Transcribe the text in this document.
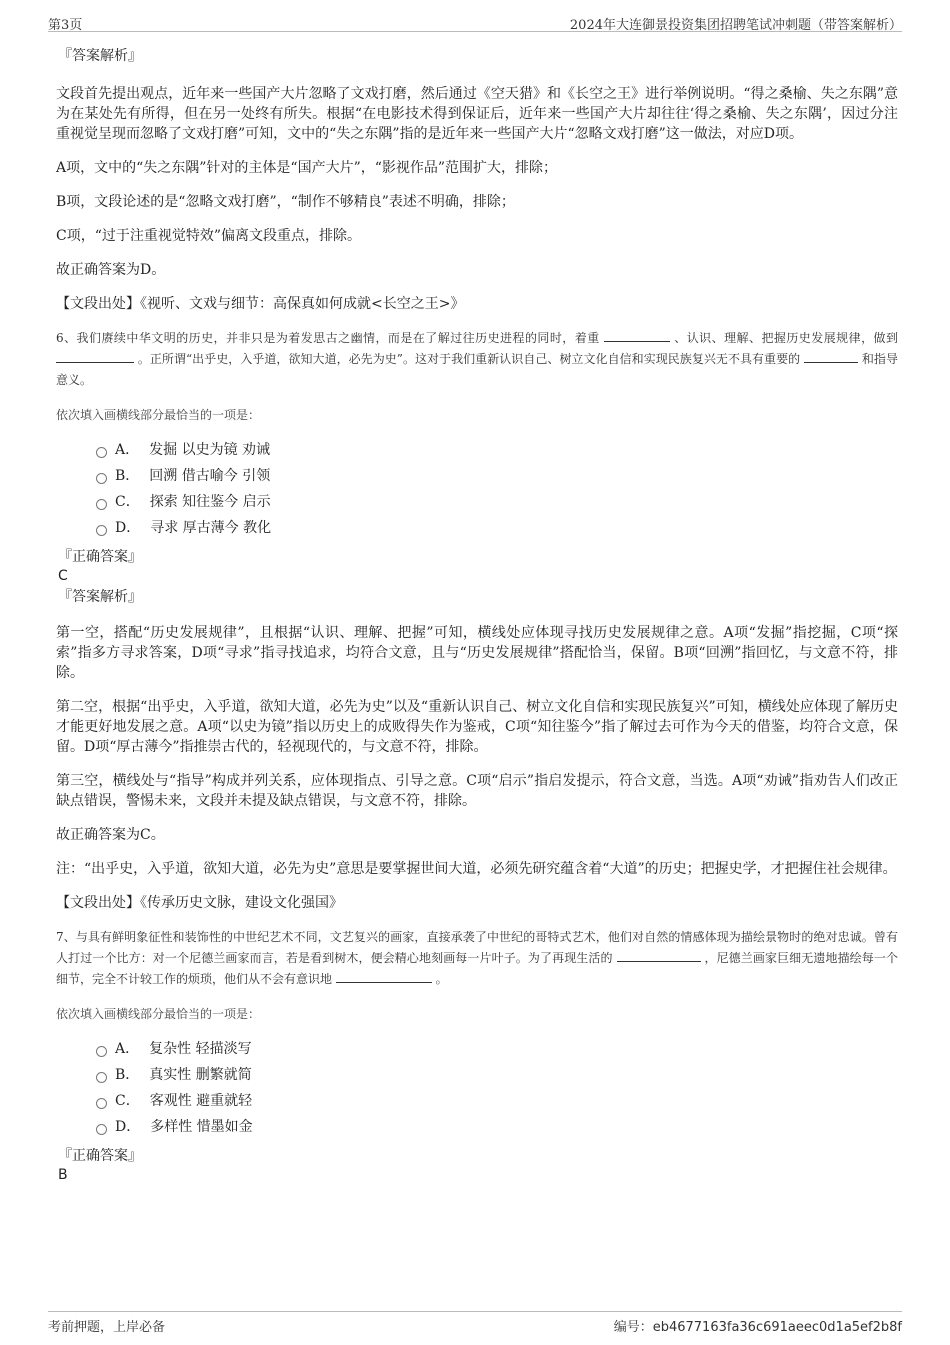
第3页	2024年大连御景投资集团招聘笔试冲刺题（带答案解析）
『答案解析』
文段首先提出观点，近年来一些国产大片忽略了文戏打磨，然后通过《空天猎》和《长空之王》进行举例说明。“得之桑榆、失之东隅”意为在某处先有所得，但在另一处终有所失。根据“在电影技术得到保证后，近年来一些国产大片却往往‘得之桑榆、失之东隅’，因过分注重视觉呈现而忽略了文戏打磨”可知，文中的“失之东隅”指的是近年来一些国产大片“忽略文戏打磨”这一做法，对应D项。
A项，文中的“失之东隅”针对的主体是“国产大片”，“影视作品”范围扩大，排除；
B项，文段论述的是“忽略文戏打磨”，“制作不够精良”表述不明确，排除；
C项，“过于注重视觉特效”偏离文段重点，排除。
故正确答案为D。
【文段出处】《视听、文戏与细节：高保真如何成就<长空之王>》
6、我们赓续中华文明的历史，并非只是为着发思古之幽情，而是在了解过往历史进程的同时，着重	、认识、理解、把握历史发展规律，做到  。正所谓“出乎史，入乎道，欲知大道，必先为史”。这对于我们重新认识自己、树立文化自信和实现民族复兴无不具有重要的	和指导意义。
依次填入画横线部分最恰当的一项是：
A． 发掘 以史为镜 劝诫
B． 回溯 借古喻今 引领
C． 探索 知往鉴今 启示
D． 寻求 厚古薄今 教化
『正确答案』
C
『答案解析』
第一空，搭配“历史发展规律”，且根据“认识、理解、把握”可知，横线处应体现寻找历史发展规律之意。A项“发掘”指挖掘，C项“探索”指多方寻求答案，D项“寻求”指寻找追求，均符合文意，且与“历史发展规律”搭配恰当，保留。B项“回溯”指回忆，与文意不符，排除。
第二空，根据“出乎史，入乎道，欲知大道，必先为史”以及“重新认识自己、树立文化自信和实现民族复兴”可知，横线处应体现了解历史才能更好地发展之意。A项“以史为镜”指以历史上的成败得失作为鉴戒，C项“知往鉴今”指了解过去可作为今天的借鉴，均符合文意，保留。D项“厚古薄今”指推崇古代的，轻视现代的，与文意不符，排除。
第三空，横线处与“指导”构成并列关系，应体现指点、引导之意。C项“启示”指启发提示，符合文意，当选。A项“劝诫”指劝告人们改正缺点错误，警惕未来，文段并未提及缺点错误，与文意不符，排除。
故正确答案为C。
注：“出乎史，入乎道，欲知大道，必先为史”意思是要掌握世间大道，必须先研究蕴含着“大道”的历史；把握史学，才把握住社会规律。
【文段出处】《传承历史文脉，建设文化强国》
7、与具有鲜明象征性和装饰性的中世纪艺术不同，文艺复兴的画家，直接承袭了中世纪的哥特式艺术，他们对自然的情感体现为描绘景物时的绝对忠诚。曾有人打过一个比方：对一个尼德兰画家而言，若是看到树木，便会精心地刻画每一片叶子。为了再现生活的	，尼德兰画家巨细无遗地描绘每一个细节，完全不计较工作的烦琐，他们从不会有意识地	。
依次填入画横线部分最恰当的一项是：
A． 复杂性 轻描淡写
B． 真实性 删繁就简
C． 客观性 避重就轻
D． 多样性 惜墨如金
『正确答案』
B
考前押题，上岸必备	编号：eb4677163fa36c691aeec0d1a5ef2b8f
